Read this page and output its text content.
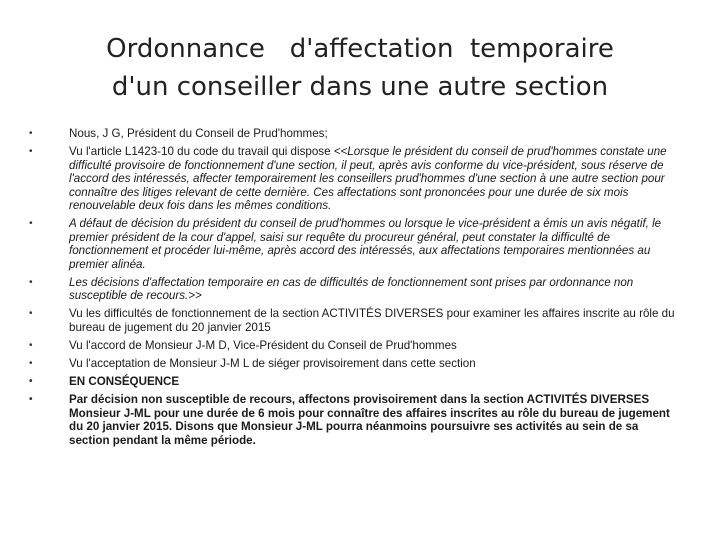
Ordonnance   d'affectation  temporaire
d'un conseiller dans une autre section
•	Nous, J G, Président du Conseil de Prud'hommes;
•	Vu l'article L1423-10 du code du travail qui dispose <<Lorsque le président du conseil de prud'hommes constate une difficulté provisoire de fonctionnement d'une section, il peut, après avis conforme du vice-président, sous réserve de l'accord des intéressés, affecter temporairement les conseillers prud'hommes d'une section à une autre section pour connaître des litiges relevant de cette dernière. Ces affectations sont prononcées pour une durée de six mois renouvelable deux fois dans les mêmes conditions.
•	A défaut de décision du président du conseil de prud'hommes ou lorsque le vice-président a émis un avis négatif, le premier président de la cour d'appel, saisi sur requête du procureur général, peut constater la difficulté de fonctionnement et procéder lui-même, après accord des intéressés, aux affectations temporaires mentionnées au premier alinéa.
•	Les décisions d'affectation temporaire en cas de difficultés de fonctionnement sont prises par ordonnance non susceptible de recours.>>
•	Vu les difficultés de fonctionnement de la section ACTIVITÉS DIVERSES pour examiner les affaires inscrite au rôle du bureau de jugement du 20 janvier 2015
•	Vu l'accord de Monsieur J-M D, Vice-Président du Conseil de Prud'hommes
•	Vu l'acceptation de Monsieur J-M L de siéger provisoirement dans cette section
•	EN CONSÉQUENCE
•	Par décision non susceptible de recours, affectons provisoirement dans la section ACTIVITÉS DIVERSES Monsieur J-ML pour une durée de 6 mois pour connaître des affaires inscrites au rôle du bureau de jugement du 20 janvier 2015. Disons que Monsieur J-ML pourra néanmoins poursuivre ses activités au sein de sa section pendant la même période.
